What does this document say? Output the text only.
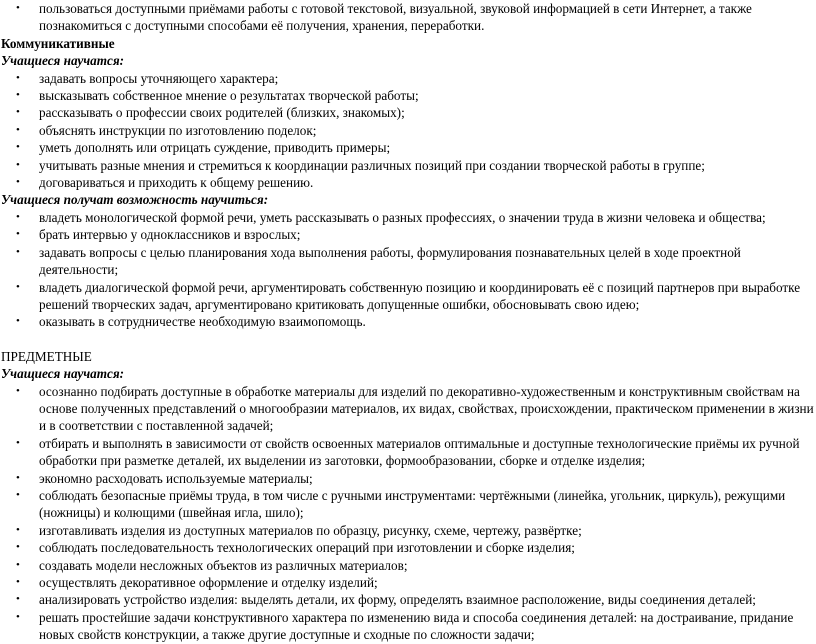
• пользоваться доступными приёмами работы с готовой текстовой, визуальной, звуковой информацией в сети Интернет, а также познакомиться с доступными способами её получения, хранения, переработки.
Коммуникативные
Учащиеся научатся:
• задавать вопросы уточняющего характера;
• высказывать собственное мнение о результатах творческой работы;
• рассказывать о профессии своих родителей (близких, знакомых);
• объяснять инструкции по изготовлению поделок;
• уметь дополнять или отрицать суждение, приводить примеры;
• учитывать разные мнения и стремиться к координации различных позиций при создании творческой работы в группе;
• договариваться и приходить к общему решению.
Учащиеся получат возможность научиться:
• владеть монологической формой речи, уметь рассказывать о разных профессиях, о значении труда в жизни человека и общества;
• брать интервью у одноклассников и взрослых;
• задавать вопросы с целью планирования хода выполнения работы, формулирования познавательных целей в ходе проектной деятельности;
• владеть диалогической формой речи, аргументировать собственную позицию и координировать её с позиций партнеров при выработке решений творческих задач, аргументировано критиковать допущенные ошибки, обосновывать свою идею;
• оказывать в сотрудничестве необходимую взаимопомощь.
ПРЕДМЕТНЫЕ
Учащиеся научатся:
• осознанно подбирать доступные в обработке материалы для изделий по декоративно-художественным и конструктивным свойствам на основе полученных представлений о многообразии материалов, их видах, свойствах, происхождении, практическом применении в жизни и в соответствии с поставленной задачей;
• отбирать и выполнять в зависимости от свойств освоенных материалов оптимальные и доступные технологические приёмы их ручной обработки при разметке деталей, их выделении из заготовки, формообразовании, сборке и отделке изделия;
• экономно расходовать используемые материалы;
• соблюдать безопасные приёмы труда, в том числе с ручными инструментами: чертёжными (линейка, угольник, циркуль), режущими (ножницы) и колющими (швейная игла, шило);
• изготавливать изделия из доступных материалов по образцу, рисунку, схеме, чертежу, развёртке;
• соблюдать последовательность технологических операций при изготовлении и сборке изделия;
• создавать модели несложных объектов из различных материалов;
• осуществлять декоративное оформление и отделку изделий;
• анализировать устройство изделия: выделять детали, их форму, определять взаимное расположение, виды соединения деталей;
• решать простейшие задачи конструктивного характера по изменению вида и способа соединения деталей: на достраивание, придание новых свойств конструкции, а также другие доступные и сходные по сложности задачи;
